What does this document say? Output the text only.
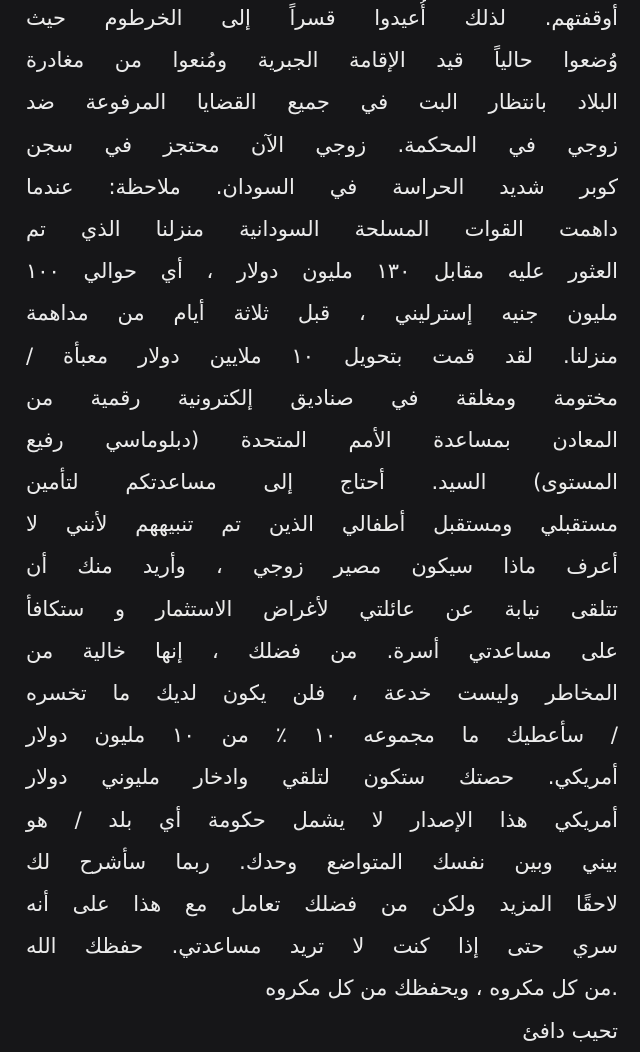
أوقفتهم. لذلك أُعيدوا قسراً إلى الخرطوم حيث
وُضعوا حالياً قيد الإقامة الجبرية ومُنعوا من مغادرة
البلاد بانتظار البت في جميع القضايا المرفوعة ضد
زوجي في المحكمة. زوجي الآن محتجز في سجن
كوبر شديد الحراسة في السودان. ملاحظة: عندما
داهمت القوات المسلحة السودانية منزلنا الذي تم
العثور عليه مقابل ١٣٠ مليون دولار ، أي حوالي ١٠٠
مليون جنيه إسترليني ، قبل ثلاثة أيام من مداهمة
منزلنا. لقد قمت بتحويل ١٠ ملايين دولار معبأة /
مختومة ومغلقة في صناديق إلكترونية رقمية من
المعادن بمساعدة الأمم المتحدة (دبلوماسي رفيع
المستوى) السيد. أحتاج إلى مساعدتكم لتأمين
مستقبلي ومستقبل أطفالي الذين تم تنبيههم لأنني لا
أعرف ماذا سيكون مصير زوجي ، وأريد منك أن
تتلقى نيابة عن عائلتي لأغراض الاستثمار و ستكافأ
على مساعدتي أسرة. من فضلك ، إنها خالية من
المخاطر وليست خدعة ، فلن يكون لديك ما تخسره
/ سأعطيك ما مجموعه ١٠ ٪ من ١٠ مليون دولار
أمريكي. حصتك ستكون لتلقي وادخار مليوني دولار
أمريكي هذا الإصدار لا يشمل حكومة أي بلد / هو
بيني وبين نفسك المتواضع وحدك. ربما سأشرح لك
لاحقًا المزيد ولكن من فضلك تعامل مع هذا على أنه
سري حتى إذا كنت لا تريد مساعدتي. حفظك الله
.من كل مكروه ، ويحفظك من كل مكروه
تحيب دافئ
